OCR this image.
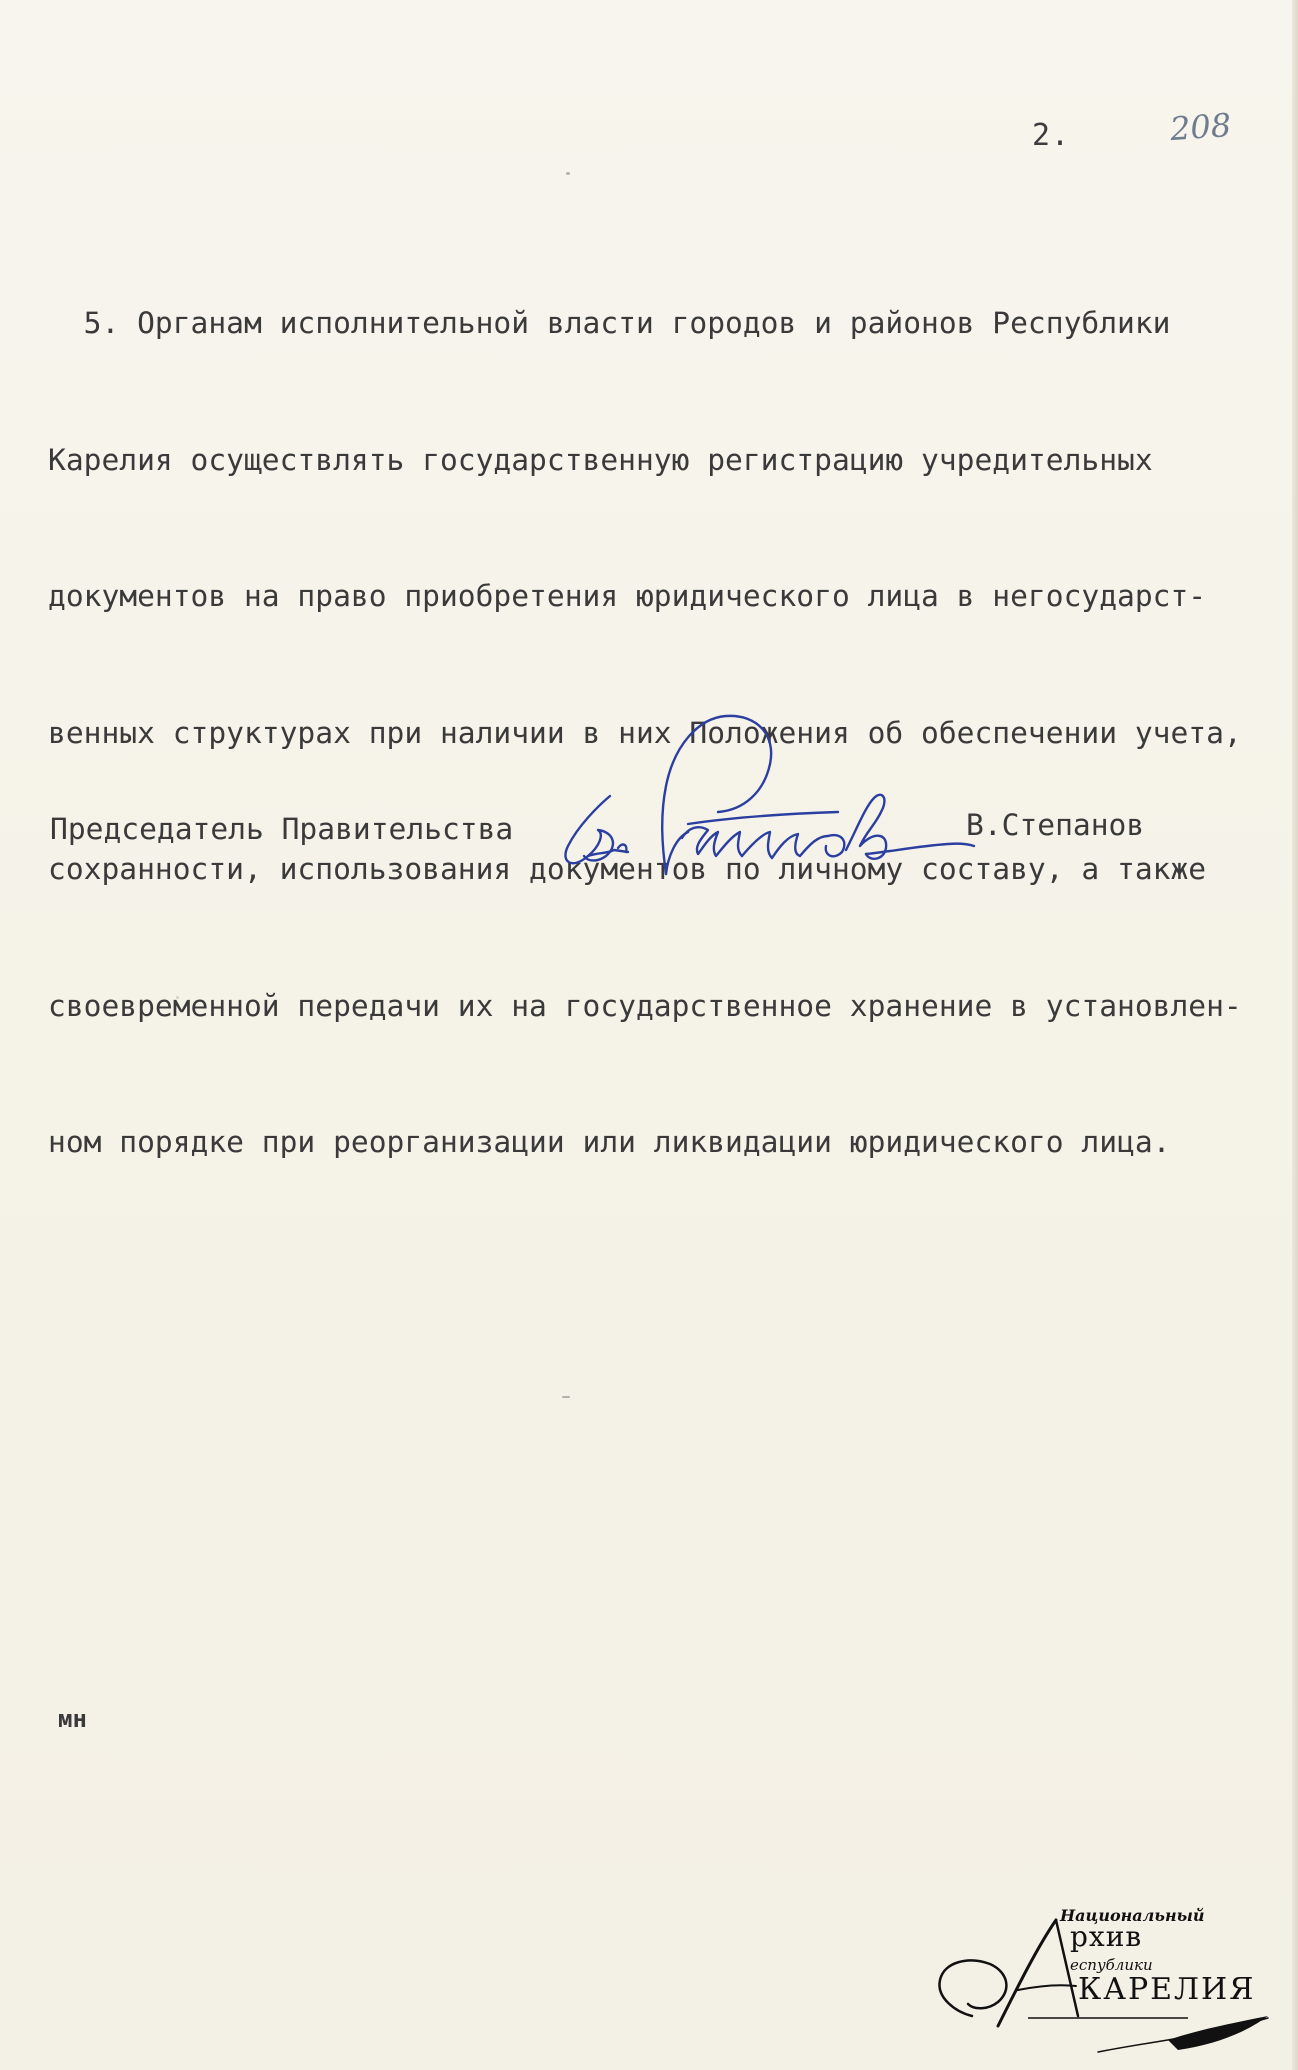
2.	208

5. Органам исполнительной власти городов и районов Республики

Карелия осуществлять государственную регистрацию учредительных

документов на право приобретения юридического лица в негосударст-

венных структурах при наличии в них Положения об обеспечении учета,

сохранности, использования документов по личному составу, а также

своевременной передачи их на государственное хранение в установлен-

ном порядке при реорганизации или ликвидации юридического лица.

Председатель Правительства	В.Степанов
мн
Национальный
рхив
еспублики
КАРЕЛИЯ
